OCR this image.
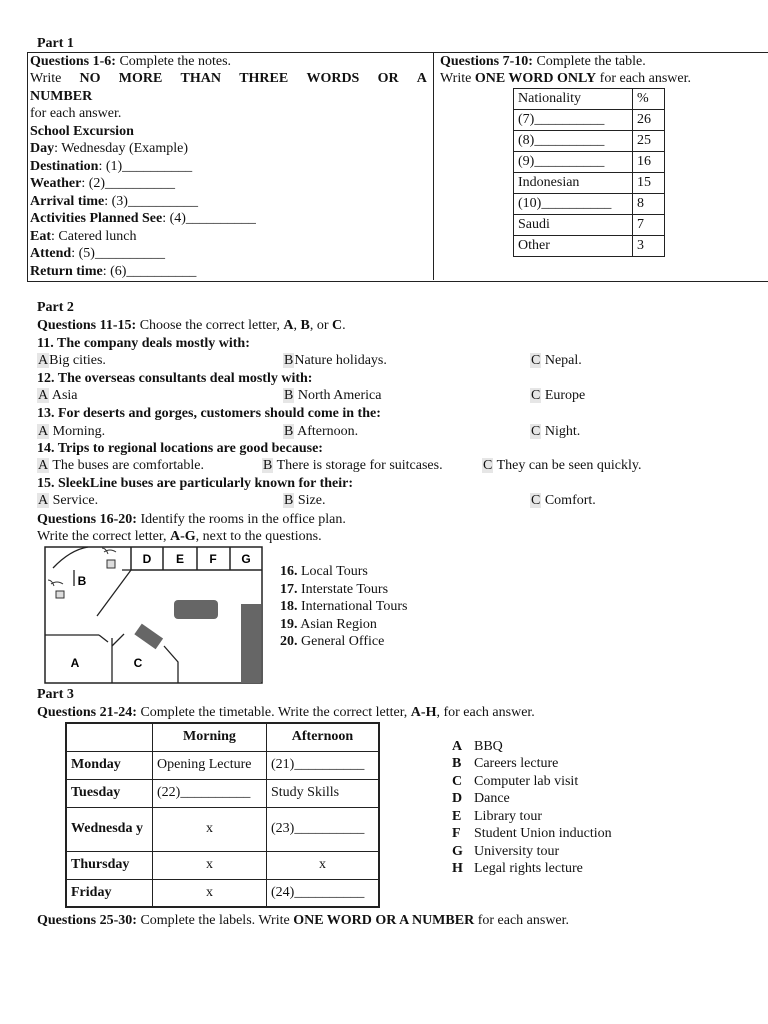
Part 1
Questions 1-6: Complete the notes.
Write NO MORE THAN THREE WORDS OR A
NUMBER
for each answer.
School Excursion
Day: Wednesday (Example)
Destination: (1)__________
Weather: (2)__________
Arrival time: (3)__________
Activities Planned See: (4)__________
Eat: Catered lunch
Attend: (5)__________
Return time: (6)__________
Questions 7-10: Complete the table.
Write ONE WORD ONLY for each answer.
Nationality	%
(7)__________	26
(8)__________	25
(9)__________	16
Indonesian	15
(10)__________	8
Saudi	7
Other	3
Part 2
Questions 11-15: Choose the correct letter, A, B, or C.
11. The company deals mostly with:
ABig cities.	BNature holidays.	C Nepal.
12. The overseas consultants deal mostly with:
A Asia	B North America	C Europe
13. For deserts and gorges, customers should come in the:
A Morning.	B Afternoon.	C Night.
14. Trips to regional locations are good because:
A The buses are comfortable.	B There is storage for suitcases.	C They can be seen quickly.
15. SleekLine buses are particularly known for their:
A Service.	B Size.	C Comfort.
Questions 16-20: Identify the rooms in the office plan.
Write the correct letter, A-G, next to the questions.
D E F G
B
A	C
16. Local Tours
17. Interstate Tours
18. International Tours
19. Asian Region
20. General Office
Part 3
Questions 21-24: Complete the timetable. Write the correct letter, A-H, for each answer.
	Morning	Afternoon
Monday	Opening Lecture	(21)__________
Tuesday	(22)__________	Study Skills
Wednesda y	x	(23)__________
Thursday	x	x
Friday	x	(24)__________
A BBQ
B Careers lecture
C Computer lab visit
D Dance
E Library tour
F Student Union induction
G University tour
H Legal rights lecture
Questions 25-30: Complete the labels. Write ONE WORD OR A NUMBER for each answer.
